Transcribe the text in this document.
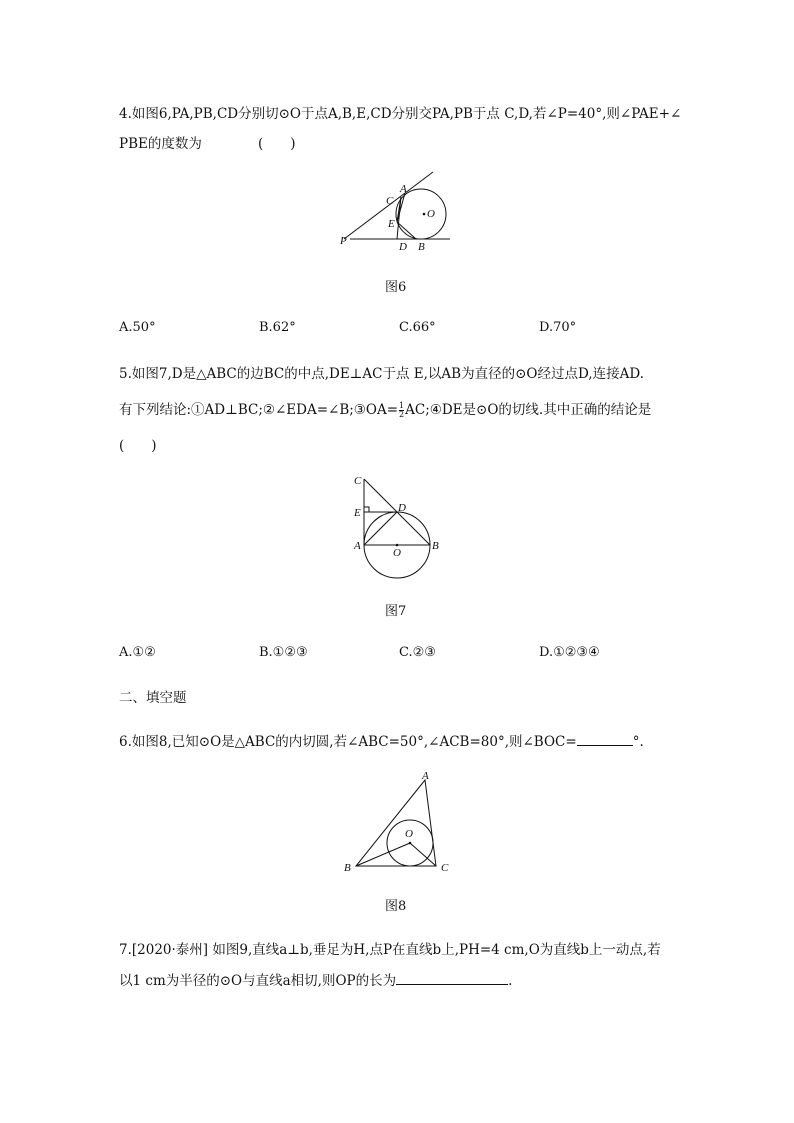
4.如图6,PA,PB,CD分别切⊙O于点A,B,E,CD分别交PA,PB于点 C,D,若∠P=40°,则∠PAE+∠
PBE的度数为	(　　)
A
C
O
E
P	D B
图6
A.50°	B.62°	C.66°	D.70°
5.如图7,D是△ABC的边BC的中点,DE⊥AC于点 E,以AB为直径的⊙O经过点D,连接AD.
有下列结论:①AD⊥BC;②∠EDA=∠B;③OA= $\frac{1}{2}$ AC;④DE是⊙O的切线.其中正确的结论是
(　　)
C
D
E
A
O
B
图7
A.①②	B.①②③	C.②③	D.①②③④
二、填空题
6.如图8,已知⊙O是△ABC的内切圆,若∠ABC=50°,∠ACB=80°,则∠BOC=	°.
A
O
B	C
图8
7.[2020·泰州] 如图9,直线a⊥b,垂足为H,点P在直线b上,PH=4 cm,O为直线b上一动点,若
以1 cm为半径的⊙O与直线a相切,则OP的长为	.
